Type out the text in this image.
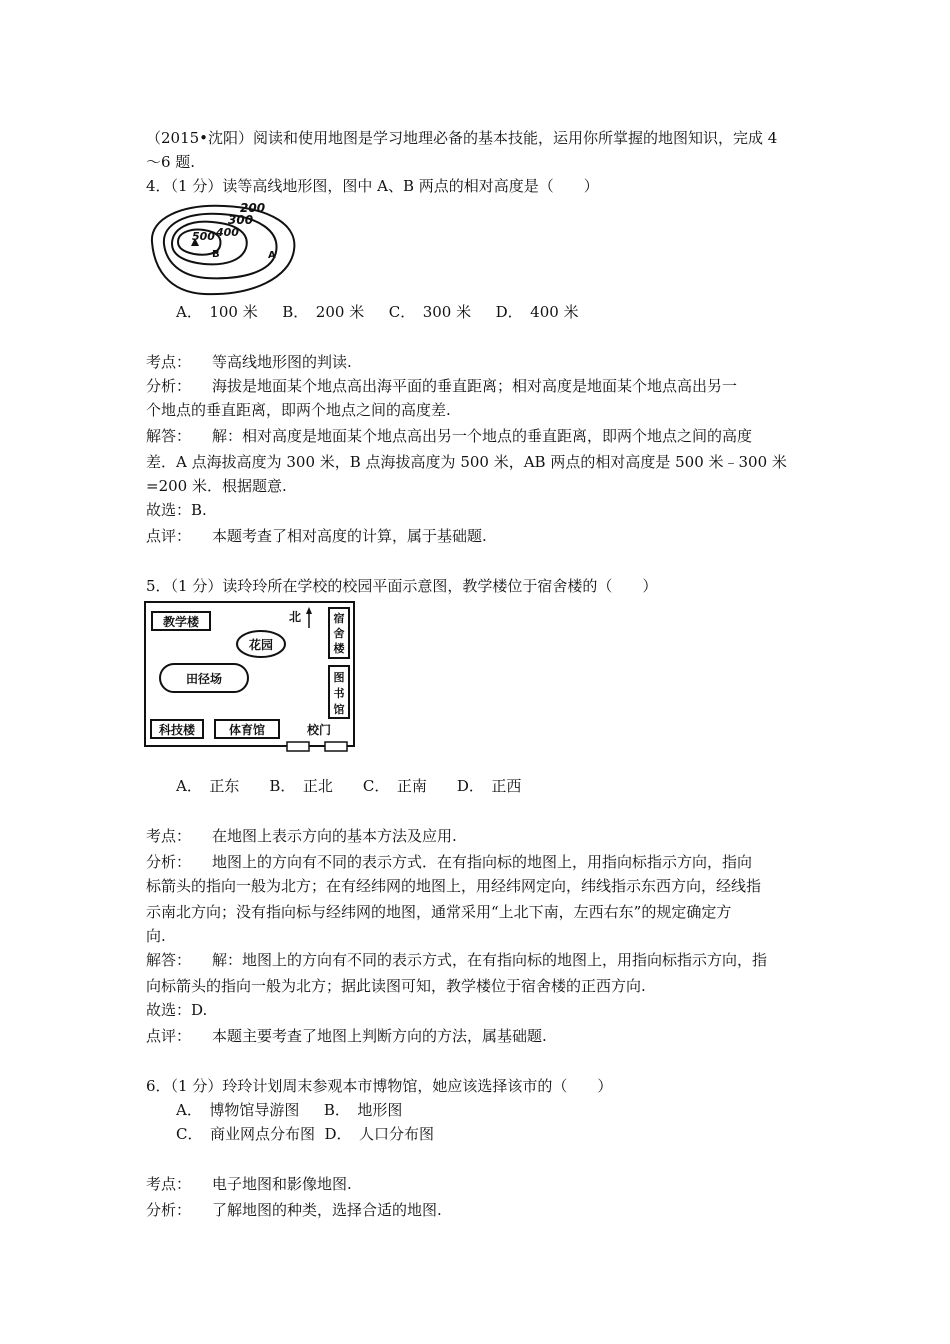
（2015•沈阳）阅读和使用地图是学习地理必备的基本技能，运用你所掌握的地图知识，完成 4
～6 题.
4．（1 分）读等高线地形图，图中 A、B 两点的相对高度是（　　）
200
300
400
500
B	A
A．　100 米　  B．　200 米　  C．　300 米　  D．　400 米
考点： 等高线地形图的判读.
分析： 海拔是地面某个地点高出海平面的垂直距离；相对高度是地面某个地点高出另一
个地点的垂直距离，即两个地点之间的高度差.
解答： 解：相对高度是地面某个地点高出另一个地点的垂直距离，即两个地点之间的高度
差．A 点海拔高度为 300 米，B 点海拔高度为 500 米，AB 两点的相对高度是 500 米﹣300 米
=200 米．根据题意.
故选：B.
点评： 本题考查了相对高度的计算，属于基础题.
5．（1 分）读玲玲所在学校的校园平面示意图，教学楼位于宿舍楼的（　　）
教学楼
花园
田径场
科技楼	体育馆
北	宿
舍
楼
图
书
馆
校门
A．　正东　　B．　正北　　C．　正南　　D．　正西
考点： 在地图上表示方向的基本方法及应用.
分析： 地图上的方向有不同的表示方式．在有指向标的地图上，用指向标指示方向，指向
标箭头的指向一般为北方；在有经纬网的地图上，用经纬网定向，纬线指示东西方向，经线指
示南北方向；没有指向标与经纬网的地图，通常采用“上北下南，左西右东”的规定确定方
向.
解答： 解：地图上的方向有不同的表示方式，在有指向标的地图上，用指向标指示方向，指
向标箭头的指向一般为北方；据此读图可知，教学楼位于宿舍楼的正西方向.
故选：D.
点评： 本题主要考查了地图上判断方向的方法，属基础题.
6．（1 分）玲玲计划周末参观本市博物馆，她应该选择该市的（　　）
A．　博物馆导游图　  B．　地形图
C．　商业网点分布图  D．　人口分布图
考点： 电子地图和影像地图.
分析： 了解地图的种类，选择合适的地图.
